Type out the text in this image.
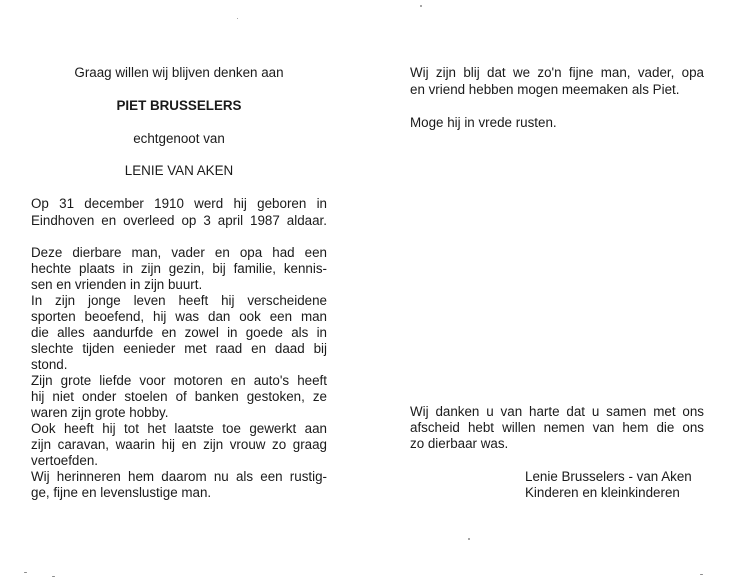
Graag willen wij blijven denken aan
PIET BRUSSELERS
echtgenoot van
LENIE VAN AKEN
Op 31 december 1910 werd hij geboren in
Eindhoven en overleed op 3 april 1987 aldaar.
Deze dierbare man, vader en opa had een
hechte plaats in zijn gezin, bij familie, kennis-
sen en vrienden in zijn buurt.
In zijn jonge leven heeft hij verscheidene
sporten beoefend, hij was dan ook een man
die alles aandurfde en zowel in goede als in
slechte tijden eenieder met raad en daad bij
stond.
Zijn grote liefde voor motoren en auto's heeft
hij niet onder stoelen of banken gestoken, ze
waren zijn grote hobby.
Ook heeft hij tot het laatste toe gewerkt aan
zijn caravan, waarin hij en zijn vrouw zo graag
vertoefden.
Wij herinneren hem daarom nu als een rustig-
ge, fijne en levenslustige man.
Wij zijn blij dat we zo'n fijne man, vader, opa
en vriend hebben mogen meemaken als Piet.
Moge hij in vrede rusten.
Wij danken u van harte dat u samen met ons
afscheid hebt willen nemen van hem die ons
zo dierbaar was.
Lenie Brusselers - van Aken
Kinderen en kleinkinderen
